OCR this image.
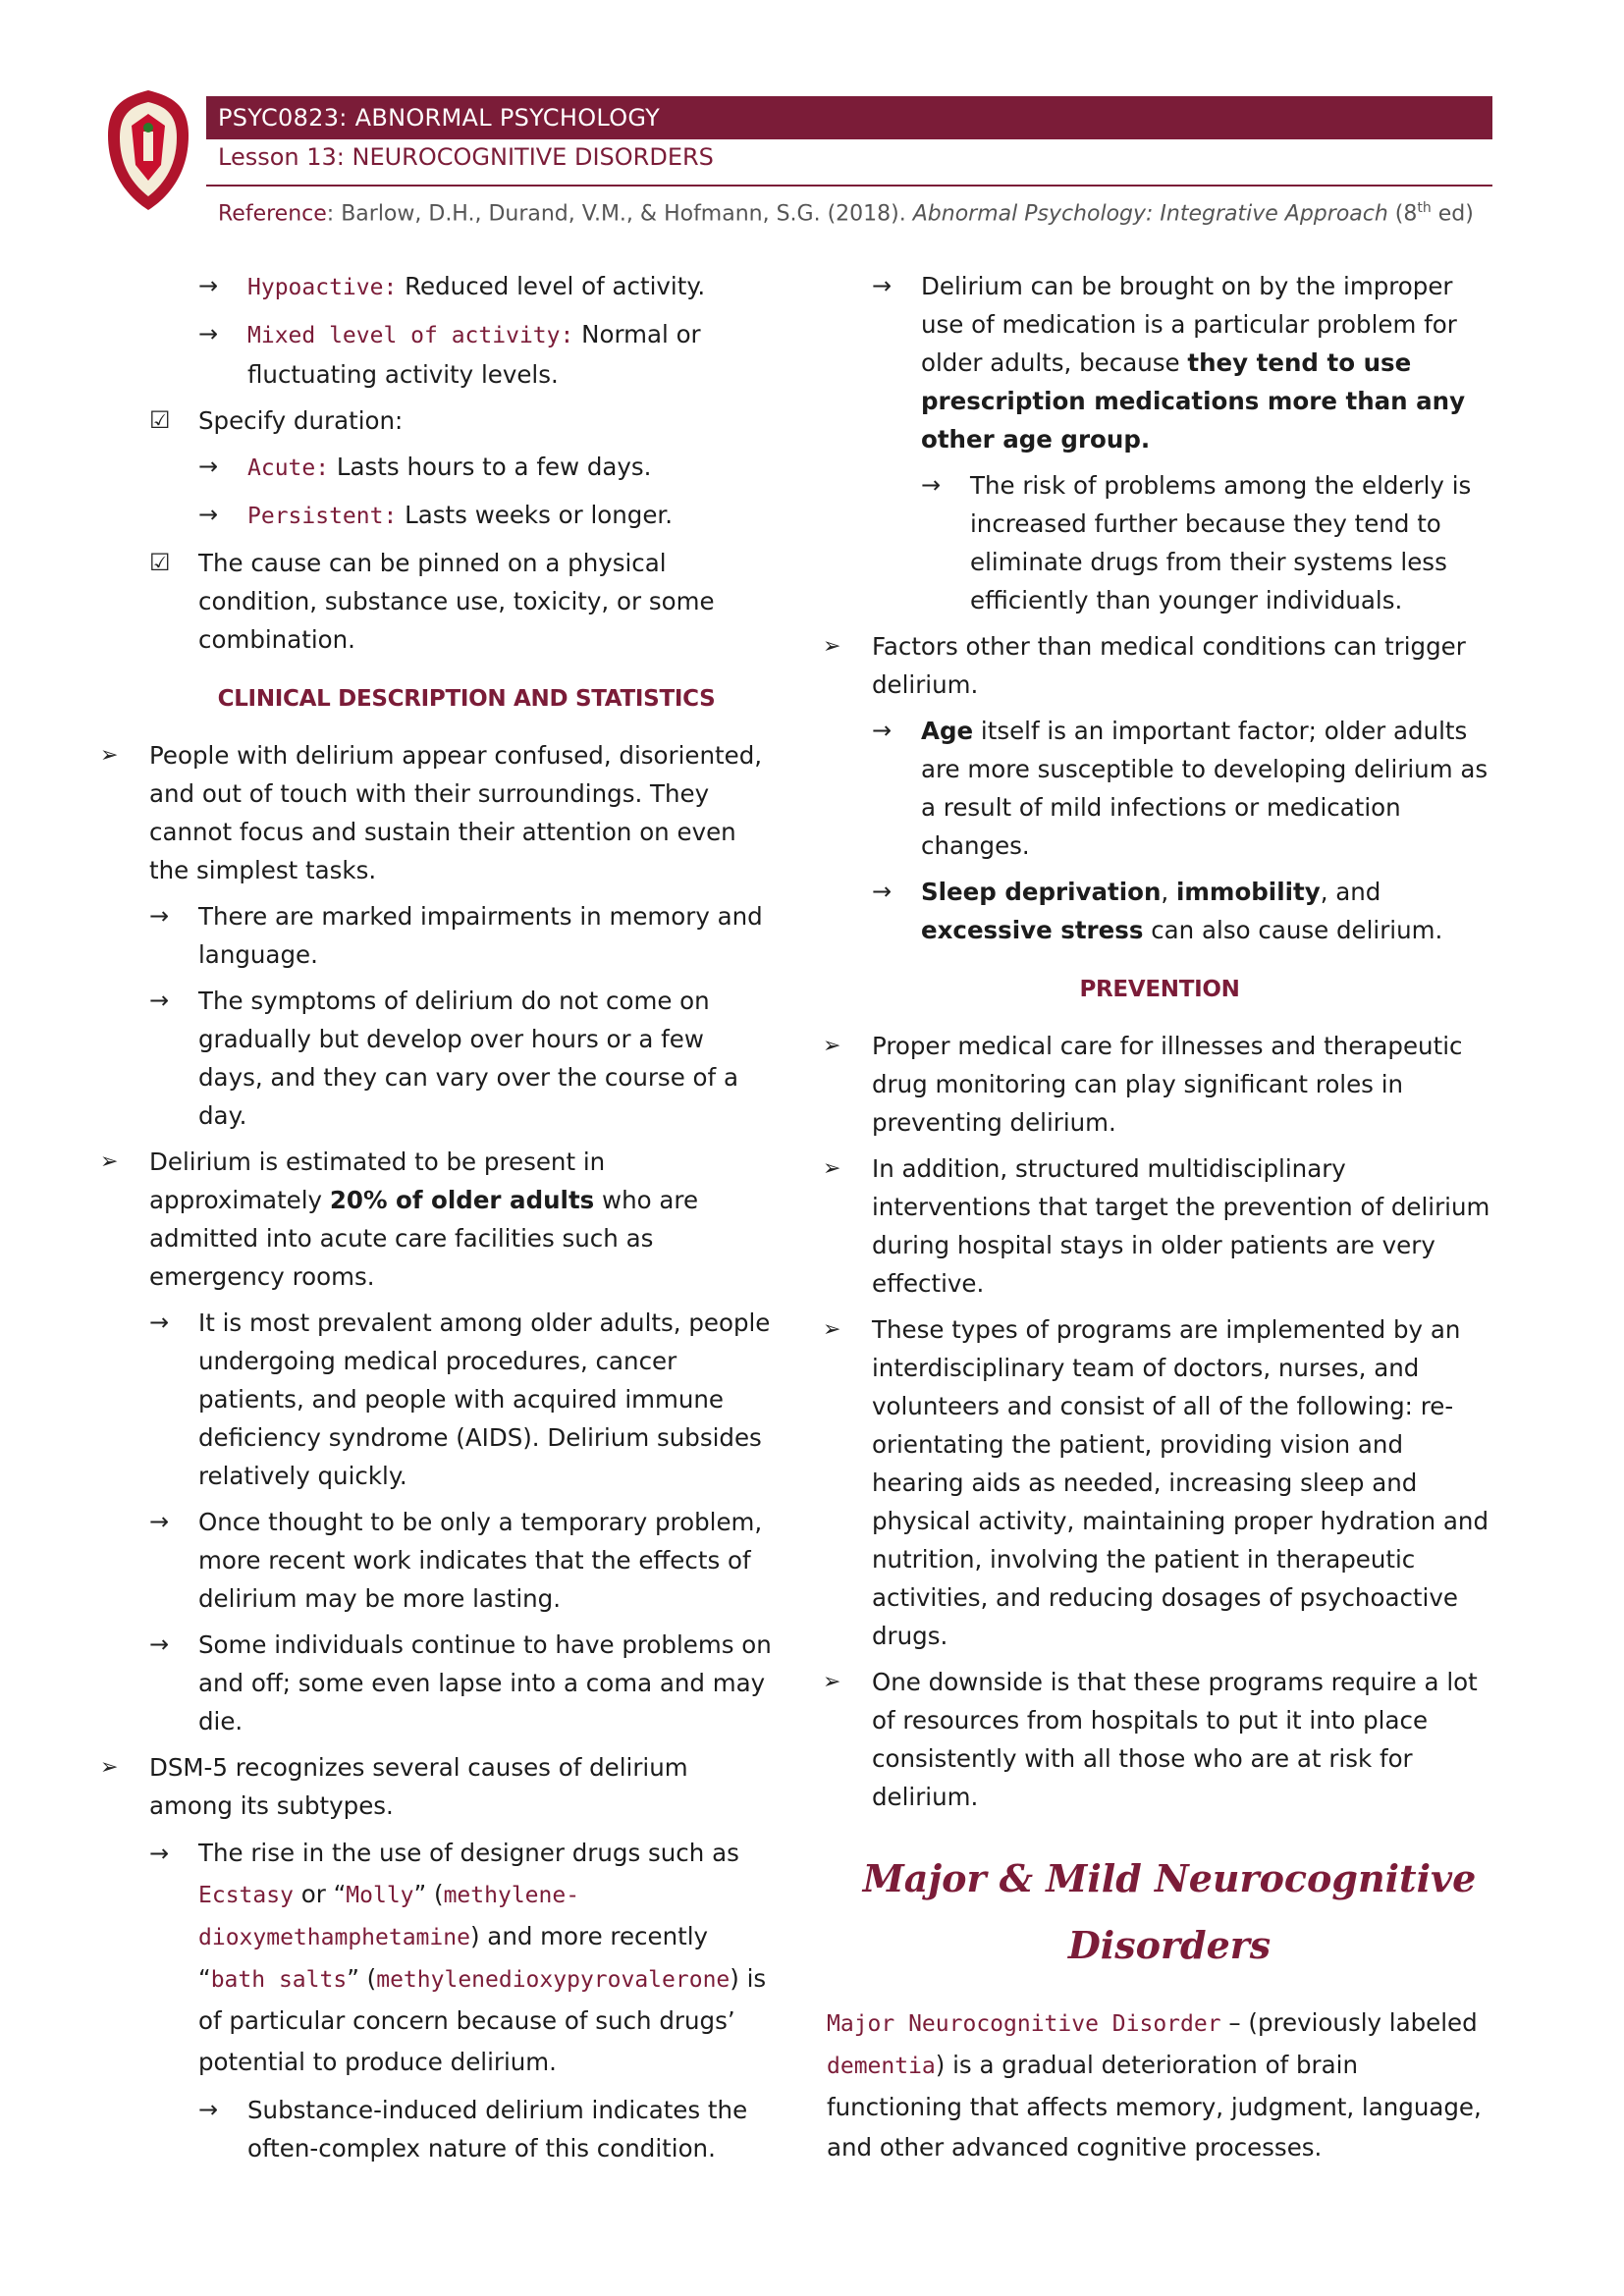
PSYC0823: ABNORMAL PSYCHOLOGY
Lesson 13: NEUROCOGNITIVE DISORDERS
Reference: Barlow, D.H., Durand, V.M., & Hofmann, S.G. (2018). Abnormal Psychology: Integrative Approach (8th ed)
→ Hypoactive: Reduced level of activity.
→ Mixed level of activity: Normal or fluctuating activity levels.
☑ Specify duration:
→ Acute: Lasts hours to a few days.
→ Persistent: Lasts weeks or longer.
☑ The cause can be pinned on a physical condition, substance use, toxicity, or some combination.
CLINICAL DESCRIPTION AND STATISTICS
➢ People with delirium appear confused, disoriented, and out of touch with their surroundings. They cannot focus and sustain their attention on even the simplest tasks.
→ There are marked impairments in memory and language.
→ The symptoms of delirium do not come on gradually but develop over hours or a few days, and they can vary over the course of a day.
➢ Delirium is estimated to be present in approximately 20% of older adults who are admitted into acute care facilities such as emergency rooms.
→ It is most prevalent among older adults, people undergoing medical procedures, cancer patients, and people with acquired immune deficiency syndrome (AIDS). Delirium subsides relatively quickly.
→ Once thought to be only a temporary problem, more recent work indicates that the effects of delirium may be more lasting.
→ Some individuals continue to have problems on and off; some even lapse into a coma and may die.
➢ DSM-5 recognizes several causes of delirium among its subtypes.
→ The rise in the use of designer drugs such as Ecstasy or “Molly” (methylene-dioxymethamphetamine) and more recently “bath salts” (methylenedioxypyrovalerone) is of particular concern because of such drugs’ potential to produce delirium.
→ Substance-induced delirium indicates the often-complex nature of this condition.
→ Delirium can be brought on by the improper use of medication is a particular problem for older adults, because they tend to use prescription medications more than any other age group.
→ The risk of problems among the elderly is increased further because they tend to eliminate drugs from their systems less efficiently than younger individuals.
➢ Factors other than medical conditions can trigger delirium.
→ Age itself is an important factor; older adults are more susceptible to developing delirium as a result of mild infections or medication changes.
→ Sleep deprivation, immobility, and excessive stress can also cause delirium.
PREVENTION
➢ Proper medical care for illnesses and therapeutic drug monitoring can play significant roles in preventing delirium.
➢ In addition, structured multidisciplinary interventions that target the prevention of delirium during hospital stays in older patients are very effective.
➢ These types of programs are implemented by an interdisciplinary team of doctors, nurses, and volunteers and consist of all of the following: re-orientating the patient, providing vision and hearing aids as needed, increasing sleep and physical activity, maintaining proper hydration and nutrition, involving the patient in therapeutic activities, and reducing dosages of psychoactive drugs.
➢ One downside is that these programs require a lot of resources from hospitals to put it into place consistently with all those who are at risk for delirium.
Major & Mild Neurocognitive Disorders
Major Neurocognitive Disorder – (previously labeled dementia) is a gradual deterioration of brain functioning that affects memory, judgment, language, and other advanced cognitive processes.
